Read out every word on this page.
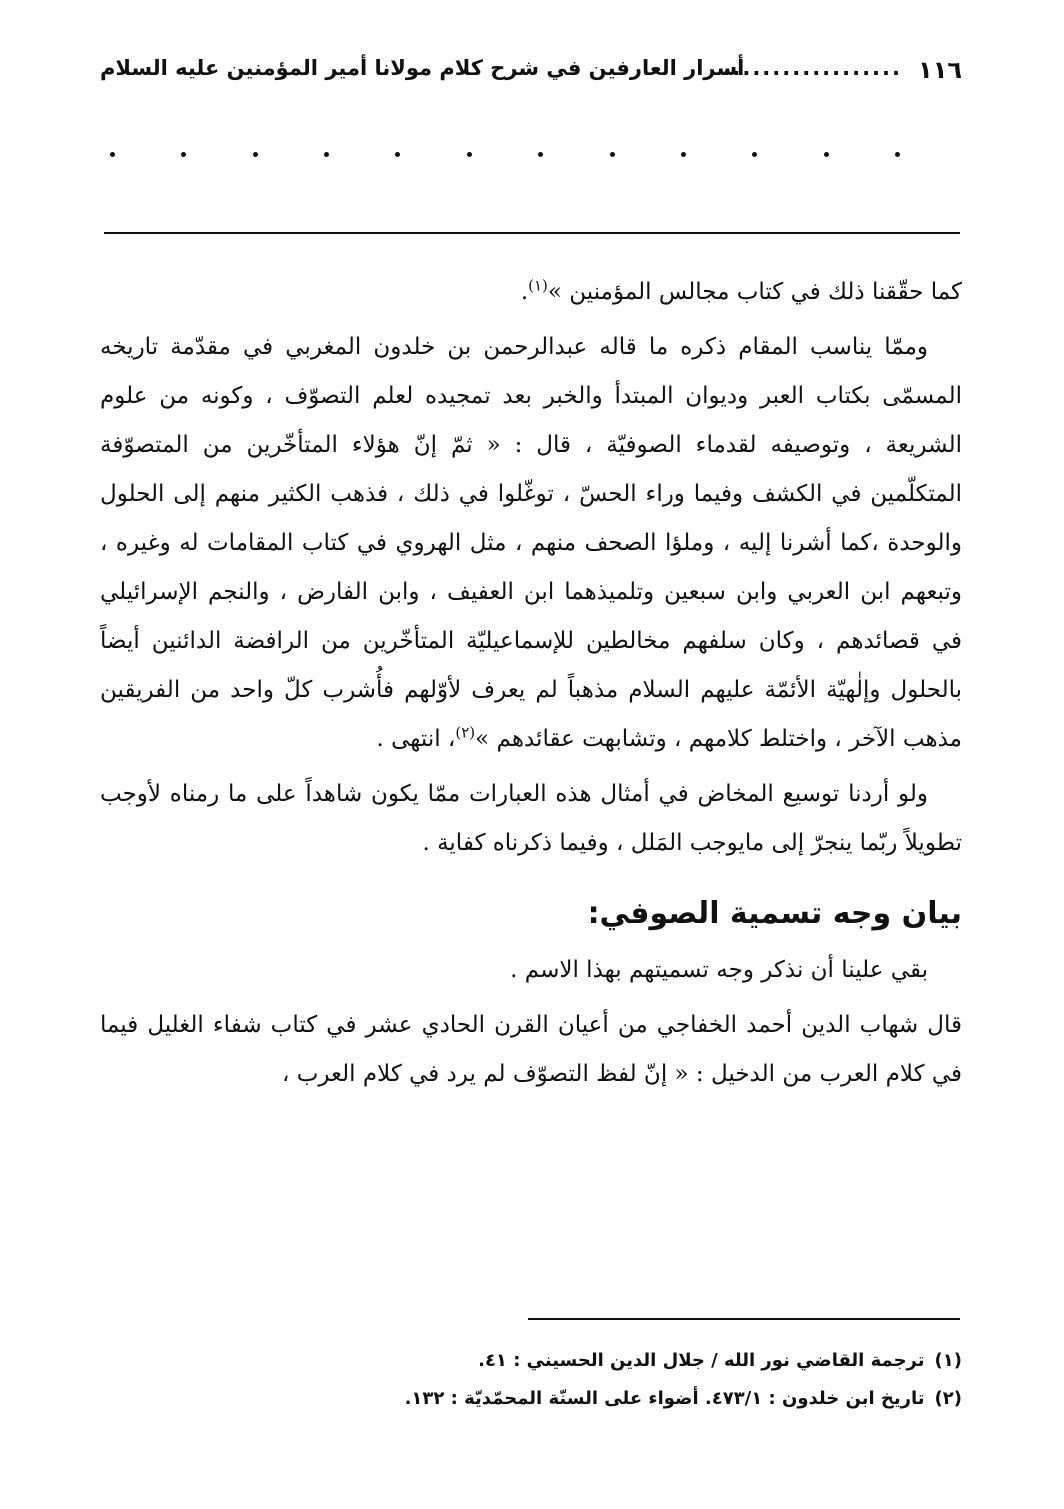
١١٦
..................
أسرار العارفين في شرح كلام مولانا أمير المؤمنين عليه السلام

كما حقّقنا ذلك في كتاب مجالس المؤمنين »$^{(١)}$.

وممّا يناسب المقام ذكره ما قاله عبدالرحمن بن خلدون المغربي في مقدّمة تاريخه المسمّى بكتاب العبر وديوان المبتدأ والخبر بعد تمجيده لعلم التصوّف ، وكونه من علوم الشريعة ، وتوصيفه لقدماء الصوفيّة ، قال : « ثمّ إنّ هؤلاء المتأخّرين من المتصوّفة المتكلّمين في الكشف وفيما وراء الحسّ ، توغّلوا في ذلك ، فذهب الكثير منهم إلى الحلول والوحدة ،كما أشرنا إليه ، وملؤا الصحف منهم ، مثل الهروي في كتاب المقامات له وغيره ، وتبعهم ابن العربي وابن سبعين وتلميذهما ابن العفيف ، وابن الفارض ، والنجم الإسرائيلي في قصائدهم ، وكان سلفهم مخالطين للإسماعيليّة المتأخّرين من الرافضة الدائنين أيضاً بالحلول وإلٰهيّة الأئمّة عليهم السلام مذهباً لم يعرف لأوّلهم فأُشرب كلّ واحد من الفريقين مذهب الآخر ، واختلط كلامهم ، وتشابهت عقائدهم »$^{(٢)}$، انتهى .

ولو أردنا توسيع المخاض في أمثال هذه العبارات ممّا يكون شاهداً على ما رمناه لأوجب تطويلاً ربّما ينجرّ إلى مايوجب المَلل ، وفيما ذكرناه كفاية .

بيان وجه تسمية الصوفي:

بقي علينا أن نذكر وجه تسميتهم بهذا الاسم .

قال شهاب الدين أحمد الخفاجي من أعيان القرن الحادي عشر في كتاب شفاء الغليل فيما في كلام العرب من الدخيل : « إنّ لفظ التصوّف لم يرد في كلام العرب ،

(١)ترجمة القاضي نور الله / جلال الدين الحسيني : ٤١.
(٢)تاريخ ابن خلدون : ٤٧٣/١. أضواء على السنّة المحمّديّة : ١٣٢.
